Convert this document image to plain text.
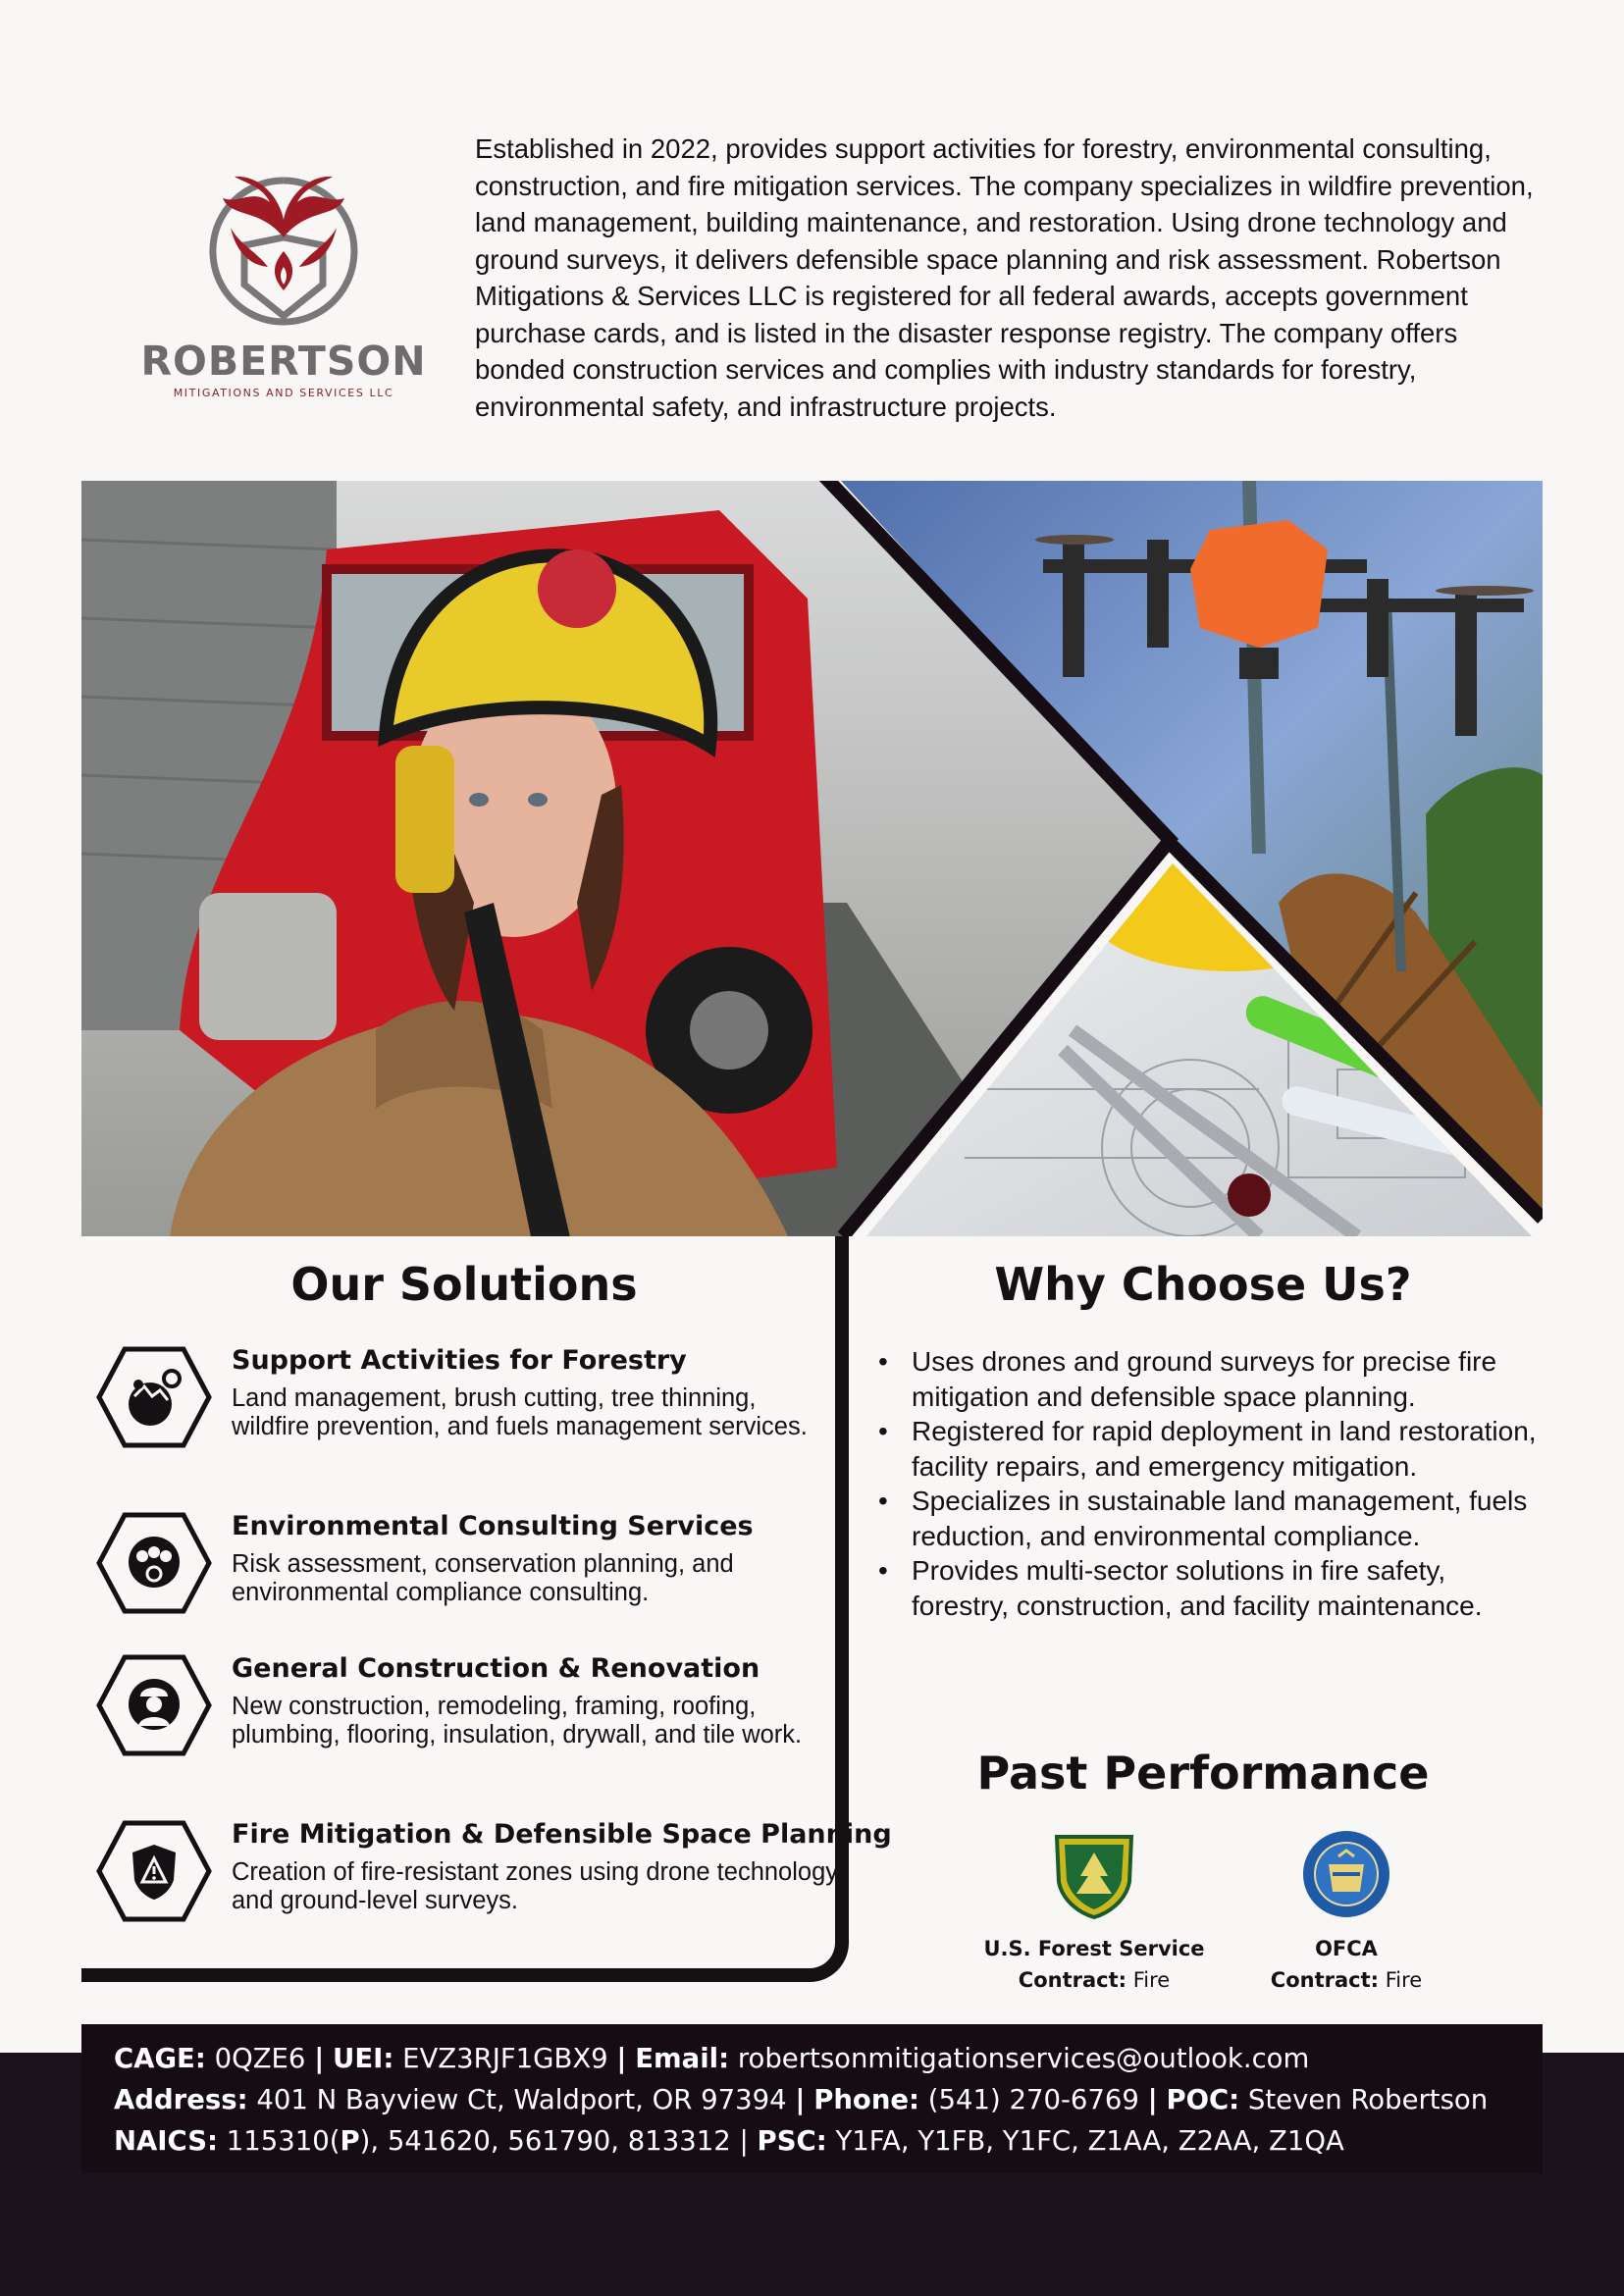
ROBERTSON
MITIGATIONS AND SERVICES LLC

Established in 2022, provides support activities for forestry, environmental consulting, construction, and fire mitigation services. The company specializes in wildfire prevention, land management, building maintenance, and restoration. Using drone technology and ground surveys, it delivers defensible space planning and risk assessment. Robertson Mitigations & Services LLC is registered for all federal awards, accepts government purchase cards, and is listed in the disaster response registry. The company offers bonded construction services and complies with industry standards for forestry, environmental safety, and infrastructure projects.

Our Solutions
Support Activities for Forestry
Land management, brush cutting, tree thinning, wildfire prevention, and fuels management services.
Environmental Consulting Services
Risk assessment, conservation planning, and environmental compliance consulting.
General Construction & Renovation
New construction, remodeling, framing, roofing, plumbing, flooring, insulation, drywall, and tile work.
Fire Mitigation & Defensible Space Planning
Creation of fire-resistant zones using drone technology and ground-level surveys.
Why Choose Us?
• Uses drones and ground surveys for precise fire mitigation and defensible space planning.
• Registered for rapid deployment in land restoration, facility repairs, and emergency mitigation.
• Specializes in sustainable land management, fuels reduction, and environmental compliance.
• Provides multi-sector solutions in fire safety, forestry, construction, and facility maintenance.
Past Performance
U.S. Forest Service
Contract: Fire
OFCA
Contract: Fire
CAGE: 0QZE6 | UEI: EVZ3RJF1GBX9 | Email: robertsonmitigationservices@outlook.com
Address: 401 N Bayview Ct, Waldport, OR 97394 | Phone: (541) 270-6769 | POC: Steven Robertson
NAICS: 115310(P), 541620, 561790, 813312 | PSC: Y1FA, Y1FB, Y1FC, Z1AA, Z2AA, Z1QA
